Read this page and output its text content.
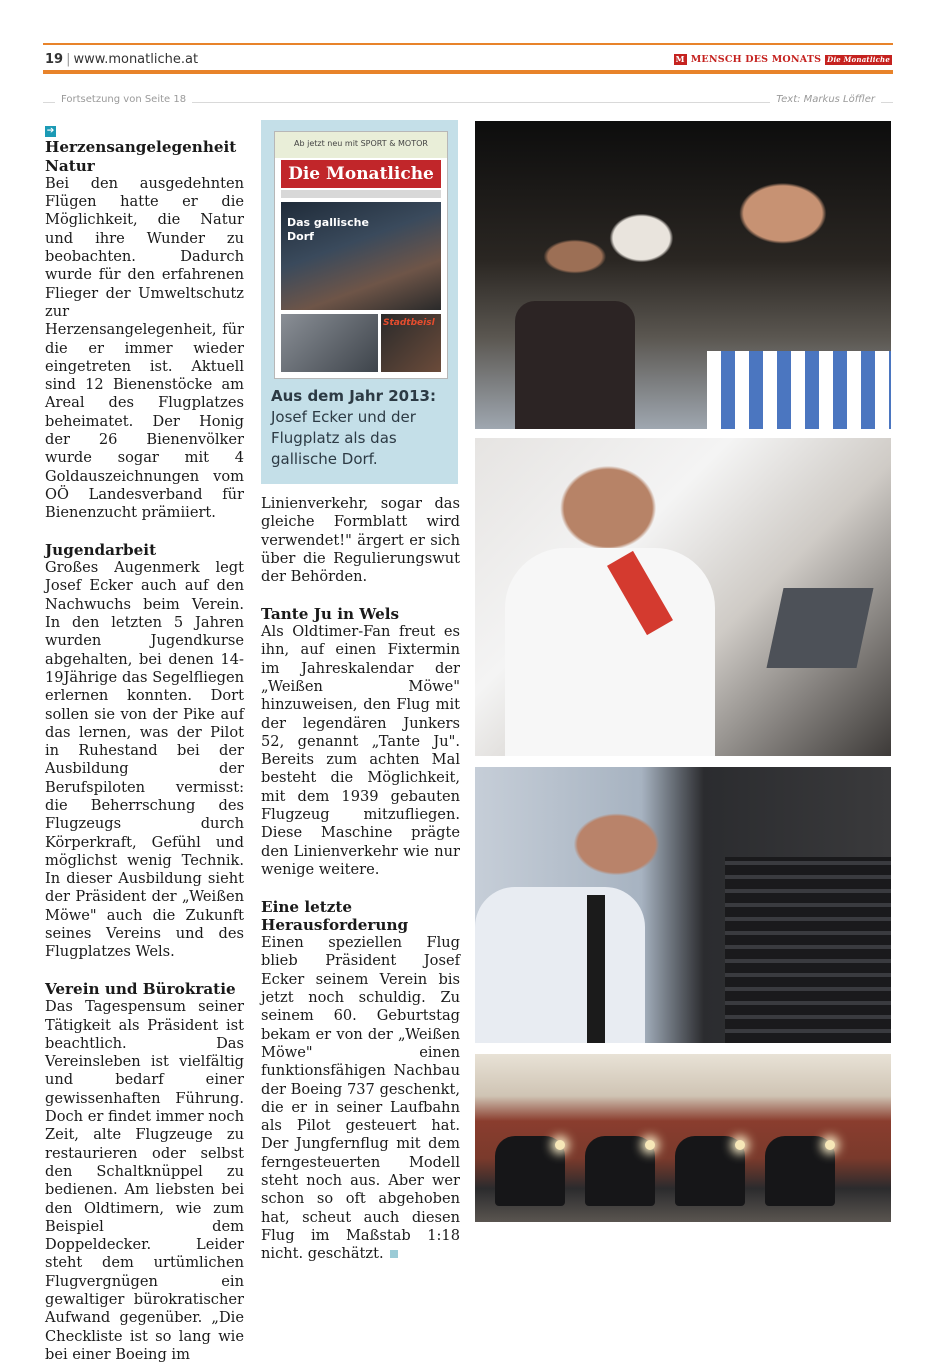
19 | www.monatliche.at	M MENSCH DES MONATS Die Monatliche
Fortsetzung von Seite 18	Text: Markus Löffler
➔Herzensangelegenheit Natur

Bei den ausgedehnten Flügen hatte er die Möglichkeit, die Natur und ihre Wunder zu beobachten. Dadurch wurde für den erfahrenen Flieger der Umweltschutz zur Herzensangelegenheit, für die er immer wieder eingetreten ist. Aktuell sind 12 Bienenstöcke am Areal des Flugplatzes beheimatet. Der Honig der 26 Bienenvölker wurde sogar mit 4 Goldauszeichnungen vom OÖ Landesverband für Bienenzucht prämiiert.

Jugendarbeit

Großes Augenmerk legt Josef Ecker auch auf den Nachwuchs beim Verein. In den letzten 5 Jahren wurden Jugendkurse abgehalten, bei denen 14-19Jährige das Segelfliegen erlernen konnten. Dort sollen sie von der Pike auf das lernen, was der Pilot in Ruhestand bei der Ausbildung der Berufspiloten vermisst: die Beherrschung des Flugzeugs durch Körperkraft, Gefühl und möglichst wenig Technik. In dieser Ausbildung sieht der Präsident der „Weißen Möwe" auch die Zukunft seines Vereins und des Flugplatzes Wels.

Verein und Bürokratie

Das Tagespensum seiner Tätigkeit als Präsident ist beachtlich. Das Vereinsleben ist vielfältig und bedarf einer gewissenhaften Führung. Doch er findet immer noch Zeit, alte Flugzeuge zu restaurieren oder selbst den Schaltknüppel zu bedienen. Am liebsten bei den Oldtimern, wie zum Beispiel dem Doppeldecker. Leider steht dem urtümlichen Flugvergnügen ein gewaltiger bürokratischer Aufwand gegenüber. „Die Checkliste ist so lang wie bei einer Boeing im

Ab jetzt neu mit SPORT & MOTOR
Die Monatliche
Das gallische Dorf
Stadtbeisl
Aus dem Jahr 2013:
Josef Ecker und der Flugplatz als das gallische Dorf.

Linienverkehr, sogar das gleiche Formblatt wird verwendet!" ärgert er sich über die Regulierungswut der Behörden.

Tante Ju in Wels

Als Oldtimer-Fan freut es ihn, auf einen Fixtermin im Jahreskalendar der „Weißen Möwe" hinzuweisen, den Flug mit der legendären Junkers 52, genannt „Tante Ju". Bereits zum achten Mal besteht die Möglichkeit, mit dem 1939 gebauten Flugzeug mitzufliegen. Diese Maschine prägte den Linienverkehr wie nur wenige weitere.

Eine letzte Herausforderung

Einen speziellen Flug blieb Präsident Josef Ecker seinem Verein bis jetzt noch schuldig. Zu seinem 60. Geburtstag bekam er von der „Weißen Möwe" einen funktionsfähigen Nachbau der Boeing 737 geschenkt, die er in seiner Laufbahn als Pilot gesteuert hat. Der Jungfernflug mit dem ferngesteuerten Modell steht noch aus. Aber wer schon so oft abgehoben hat, scheut auch diesen Flug im Maßstab 1:18 nicht. geschätzt.
